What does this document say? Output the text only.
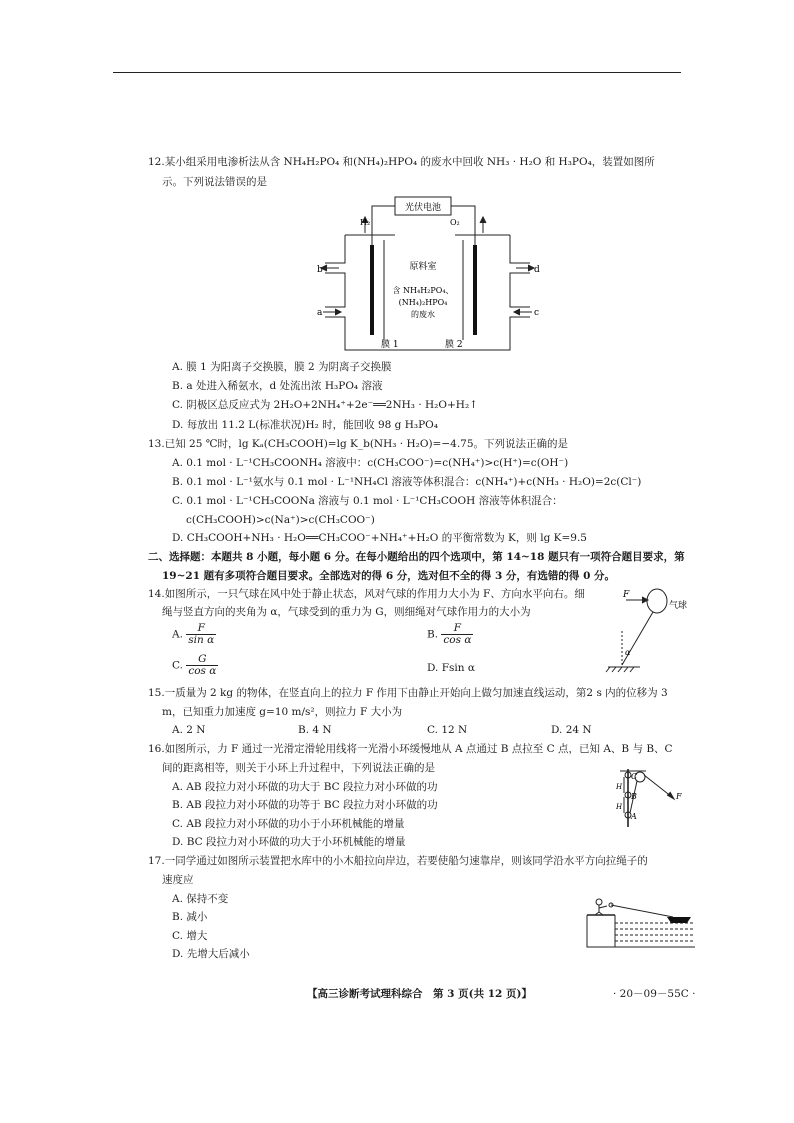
12.某小组采用电渗析法从含 NH₄H₂PO₄ 和(NH₄)₂HPO₄ 的废水中回收 NH₃ · H₂O 和 H₃PO₄，装置如图所
示。下列说法错误的是
光伏电池
H₂	O₂
原料室
含 NH₄H₂PO₄、
(NH₄)₂HPO₄
的废水
膜 1	膜 2
a
b
c
d
A. 膜 1 为阳离子交换膜，膜 2 为阴离子交换膜
B. a 处进入稀氨水，d 处流出浓 H₃PO₄ 溶液
C. 阴极区总反应式为 2H₂O+2NH₄⁺+2e⁻══2NH₃ · H₂O+H₂↑
D. 每放出 11.2 L(标准状况)H₂ 时，能回收 98 g H₃PO₄
13.已知 25 ℃时，lg Kₐ(CH₃COOH)=lg K_b(NH₃ · H₂O)=−4.75。下列说法正确的是
A. 0.1 mol · L⁻¹CH₃COONH₄ 溶液中：c(CH₃COO⁻)=c(NH₄⁺)>c(H⁺)=c(OH⁻)
B. 0.1 mol · L⁻¹氨水与 0.1 mol · L⁻¹NH₄Cl 溶液等体积混合：c(NH₄⁺)+c(NH₃ · H₂O)=2c(Cl⁻)
C. 0.1 mol · L⁻¹CH₃COONa 溶液与 0.1 mol · L⁻¹CH₃COOH 溶液等体积混合：
c(CH₃COOH)>c(Na⁺)>c(CH₃COO⁻)
D. CH₃COOH+NH₃ · H₂O══CH₃COO⁻+NH₄⁺+H₂O 的平衡常数为 K，则 lg K=9.5
二、选择题：本题共 8 小题，每小题 6 分。在每小题给出的四个选项中，第 14~18 题只有一项符合题目要求，第
19~21 题有多项符合题目要求。全部选对的得 6 分，选对但不全的得 3 分，有选错的得 0 分。
14.如图所示，一只气球在风中处于静止状态，风对气球的作用力大小为 F、方向水平向右。细
绳与竖直方向的夹角为 α，气球受到的重力为 G，则细绳对气球作用力的大小为
A. $\frac{F}{\text{sin α}}$	B. $\frac{F}{\text{cos α}}$
C. $\frac{G}{\text{cos α}}$	D. Fsin α
F
气球
α
15.一质量为 2 kg 的物体，在竖直向上的拉力 F 作用下由静止开始向上做匀加速直线运动，第2 s 内的位移为 3
m，已知重力加速度 g=10 m/s²，则拉力 F 大小为
A. 2 N	B. 4 N	C. 12 N	D. 24 N
16.如图所示，力 F 通过一光滑定滑轮用线将一光滑小环缓慢地从 A 点通过 B 点拉至 C 点，已知 A、B 与 B、C
间的距离相等，则关于小环上升过程中，下列说法正确的是
A. AB 段拉力对小环做的功大于 BC 段拉力对小环做的功
B. AB 段拉力对小环做的功等于 BC 段拉力对小环做的功
C. AB 段拉力对小环做的功小于小环机械能的增量
D. BC 段拉力对小环做的功大于小环机械能的增量
C
B
A
F
H
H
17.一同学通过如图所示装置把水库中的小木船拉向岸边，若要使船匀速靠岸，则该同学沿水平方向拉绳子的
速度应
A. 保持不变
B. 减小
C. 增大
D. 先增大后减小
【高三诊断考试理科综合　第 3 页(共 12 页)】	· 20－09－55C ·
